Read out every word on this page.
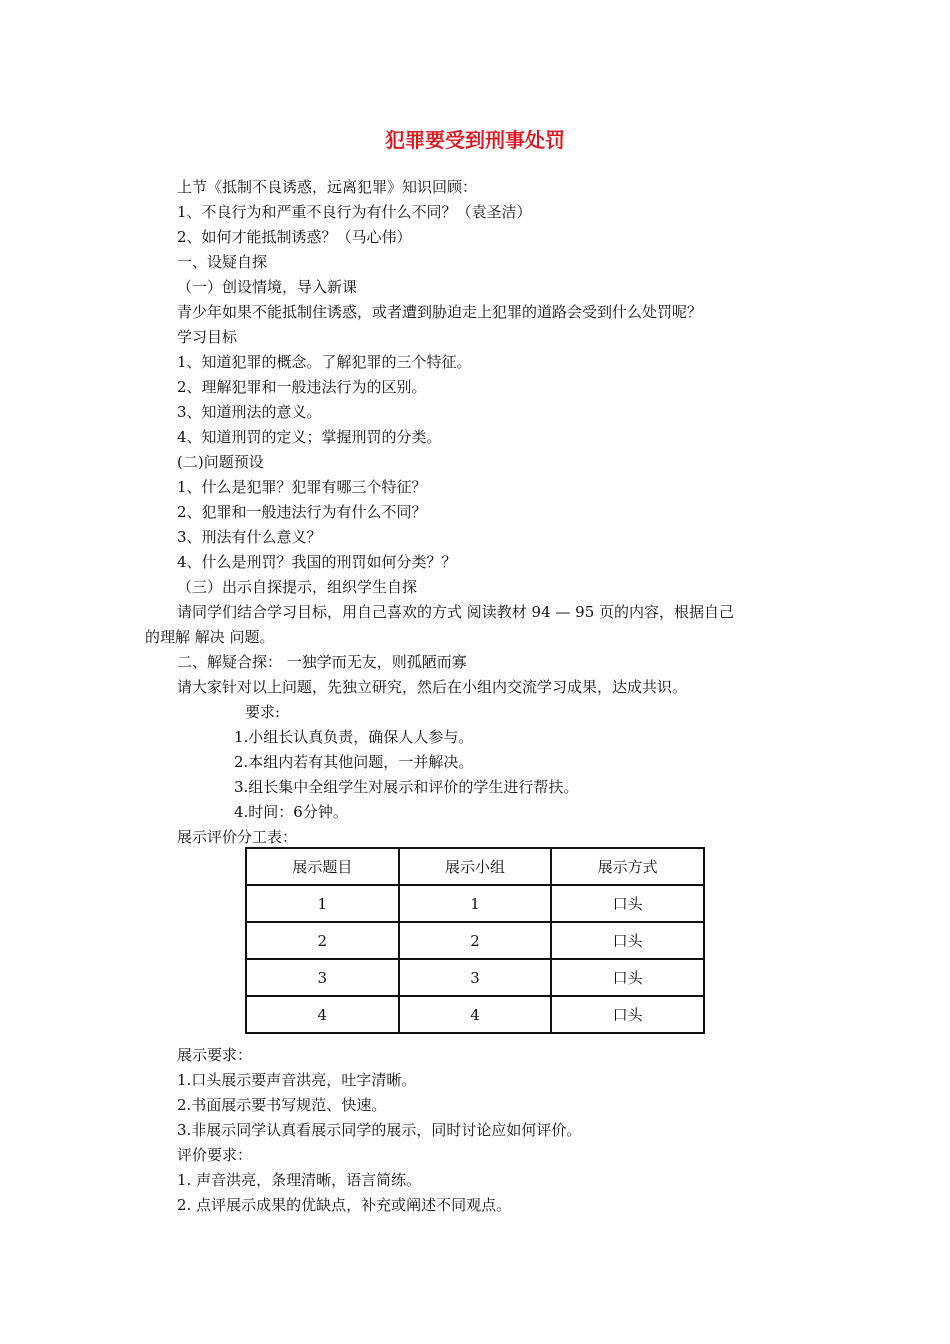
犯罪要受到刑事处罚
上节《抵制不良诱惑，远离犯罪》知识回顾：
1、不良行为和严重不良行为有什么不同？（袁圣洁）
2、如何才能抵制诱惑？（马心伟）
一、设疑自探
（一）创设情境，导入新课
青少年如果不能抵制住诱惑，或者遭到胁迫走上犯罪的道路会受到什么处罚呢？
学习目标
1、知道犯罪的概念。了解犯罪的三个特征。
2、理解犯罪和一般违法行为的区别。
3、知道刑法的意义。
4、知道刑罚的定义；掌握刑罚的分类。
(二)问题预设
1、什么是犯罪？犯罪有哪三个特征？
2、犯罪和一般违法行为有什么不同？
3、刑法有什么意义？
4、什么是刑罚？我国的刑罚如何分类？？
（三）出示自探提示，组织学生自探
请同学们结合学习目标，用自己喜欢的方式 阅读教材 94 — 95 页的内容，根据自己
的理解 解决 问题。
二、解疑合探： 一独学而无友，则孤陋而寡
请大家针对以上问题，先独立研究，然后在小组内交流学习成果，达成共识。
要求:
1.小组长认真负责，确保人人参与。
2.本组内若有其他问题，一并解决。
3.组长集中全组学生对展示和评价的学生进行帮扶。
4.时间：6分钟。
展示评价分工表：
展示题目	展示小组	展示方式
1	1	口头
2	2	口头
3	3	口头
4	4	口头
展示要求：
1.口头展示要声音洪亮，吐字清晰。
2.书面展示要书写规范、快速。
3.非展示同学认真看展示同学的展示，同时讨论应如何评价。
评价要求：
1. 声音洪亮，条理清晰，语言简练。
2. 点评展示成果的优缺点，补充或阐述不同观点。
